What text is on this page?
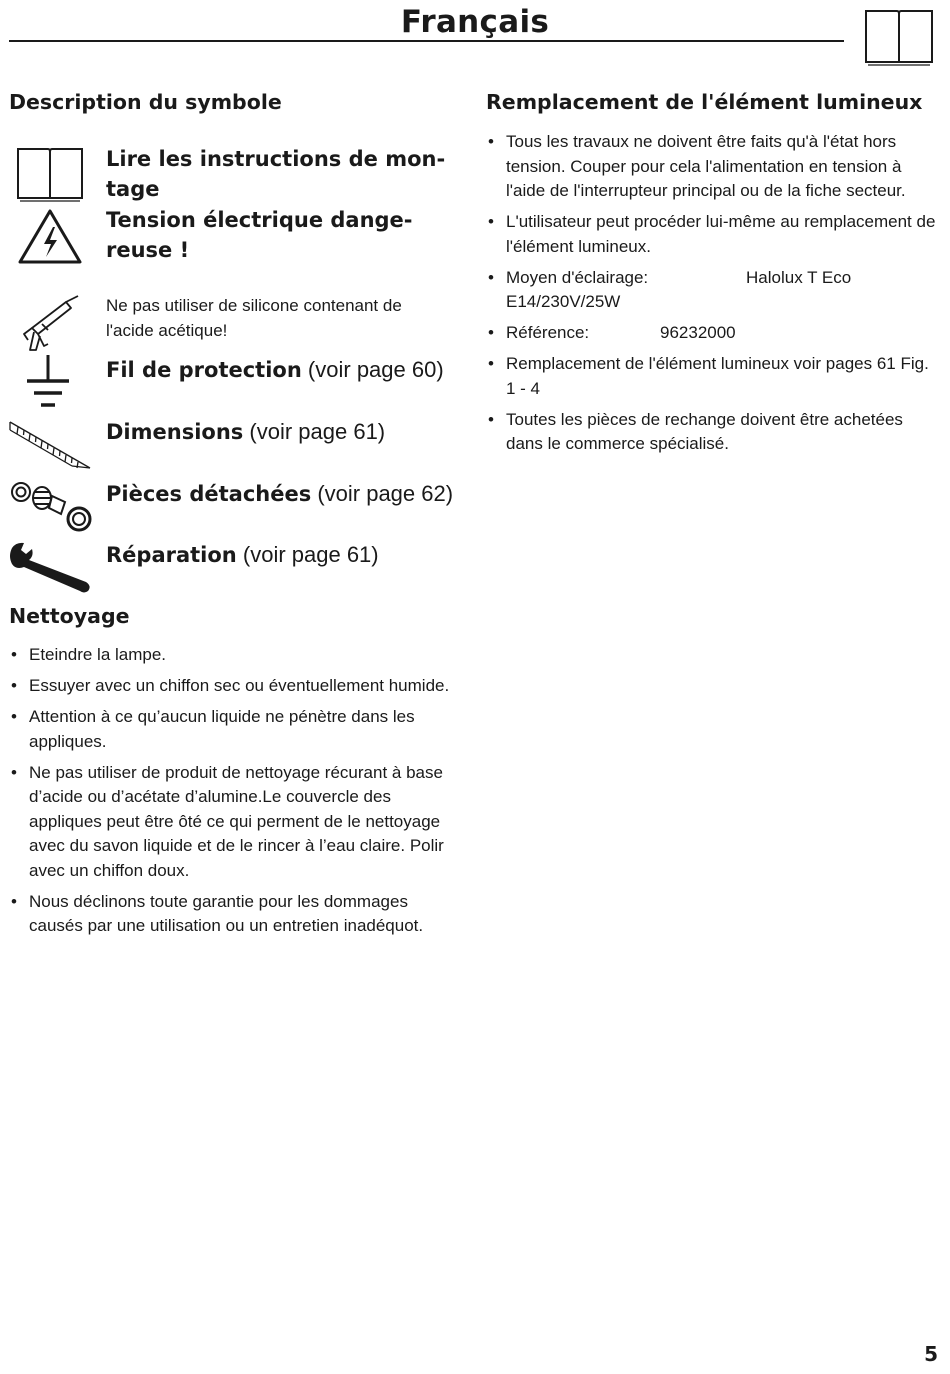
Français
Description du symbole
Lire les instructions de mon-
tage
Tension électrique dange-
reuse !
Ne pas utiliser de silicone contenant de
l'acide acétique!
Fil de protection (voir page 60)
Dimensions (voir page 61)
Pièces détachées (voir page 62)
Réparation (voir page 61)
Nettoyage
• Eteindre la lampe.
• Essuyer avec un chiffon sec ou éventuellement humide.
• Attention à ce qu’aucun liquide ne pénètre dans les appliques.
• Ne pas utiliser de produit de nettoyage récurant à base d’acide ou d’acétate d’alumine.Le couvercle des appliques peut être ôté ce qui perment de le nettoyage avec du savon liquide et de le rincer à l’eau claire. Polir avec un chiffon doux.
• Nous déclinons toute garantie pour les dommages causés par une utilisation ou un entretien inadéquot.
Remplacement de l'élément lumineux
• Tous les travaux ne doivent être faits qu'à l'état hors tension. Couper pour cela l'alimentation en tension à l'aide de l'interrupteur principal ou de la fiche secteur.
• L'utilisateur peut procéder lui-même au remplacement de l'élément lumineux.
• Moyen d'éclairage:	Halolux T Eco
E14/230V/25W
• Référence:	96232000
• Remplacement de l'élément lumineux voir pages 61 Fig. 1 - 4
• Toutes les pièces de rechange doivent être achetées dans le commerce spécialisé.
5
